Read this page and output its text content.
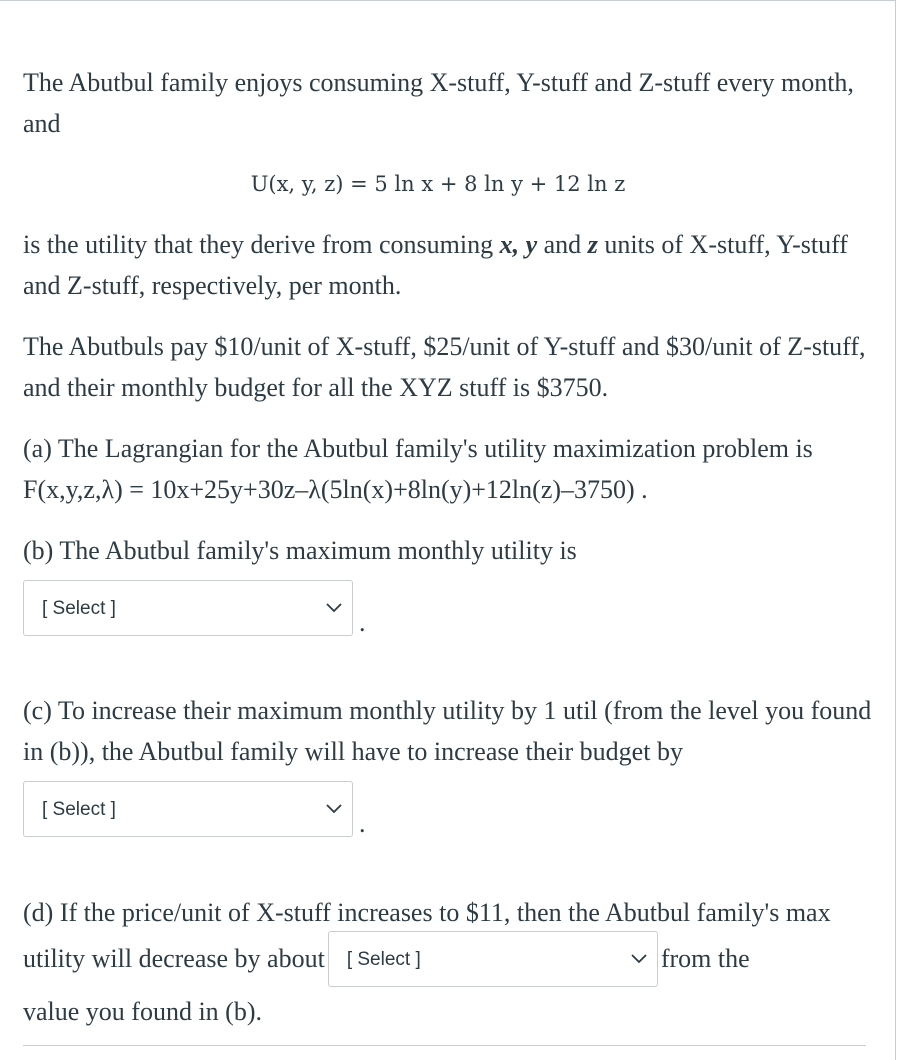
The Abutbul family enjoys consuming X-stuff, Y-stuff and Z-stuff every month, and

U(x, y, z) = 5 ln x + 8 ln y + 12 ln z

is the utility that they derive from consuming x, y and z units of X-stuff, Y-stuff and Z-stuff, respectively, per month.

The Abutbuls pay $10/unit of X-stuff, $25/unit of Y-stuff and $30/unit of Z-stuff, and their monthly budget for all the XYZ stuff is $3750.

(a) The Lagrangian for the Abutbul family's utility maximization problem is F(x,y,z,λ) = 10x+25y+30z–λ(5ln(x)+8ln(y)+12ln(z)–3750) .

(b) The Abutbul family's maximum monthly utility is

[ Select ]	.

(c) To increase their maximum monthly utility by 1 util (from the level you found in (b)), the Abutbul family will have to increase their budget by

[ Select ]	.

(d) If the price/unit of X-stuff increases to $11, then the Abutbul family's max utility will decrease by about [ Select ]	from the

value you found in (b).
